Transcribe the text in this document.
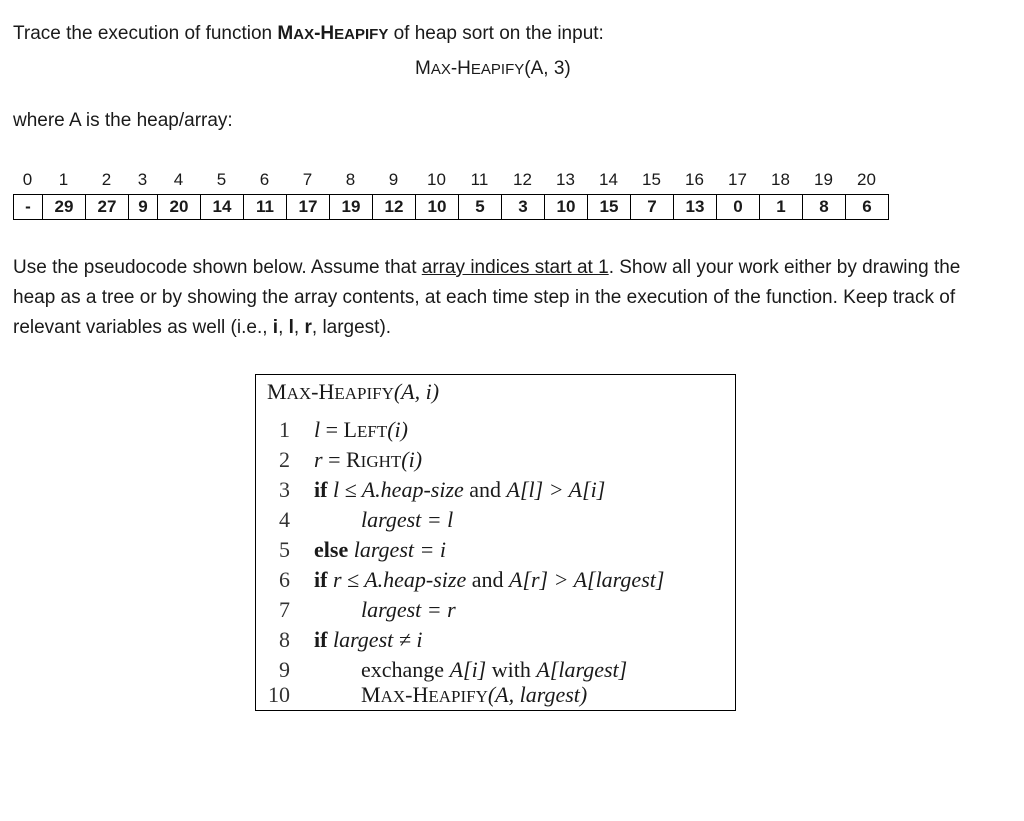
Trace the execution of function MAX-HEAPIFY of heap sort on the input:
MAX-HEAPIFY(A, 3)
where A is the heap/array:
0	1	2	3	4	5	6	7	8	9	10	11	12	13	14	15	16	17	18	19	20
-	29	27	9	20	14	11	17	19	12	10	5	3	10	15	7	13	0	1	8	6
Use the pseudocode shown below. Assume that array indices start at 1. Show all your work either by drawing the heap as a tree or by showing the array contents, at each time step in the execution of the function. Keep track of relevant variables as well (i.e., i, l, r, largest).
MAX-HEAPIFY(A, i)
1 l = LEFT(i)
2 r = RIGHT(i)
3 if l ≤ A.heap-size and A[l] > A[i]
4	largest = l
5 else largest = i
6 if r ≤ A.heap-size and A[r] > A[largest]
7	largest = r
8 if largest ≠ i
9	exchange A[i] with A[largest]
10	MAX-HEAPIFY(A, largest)
